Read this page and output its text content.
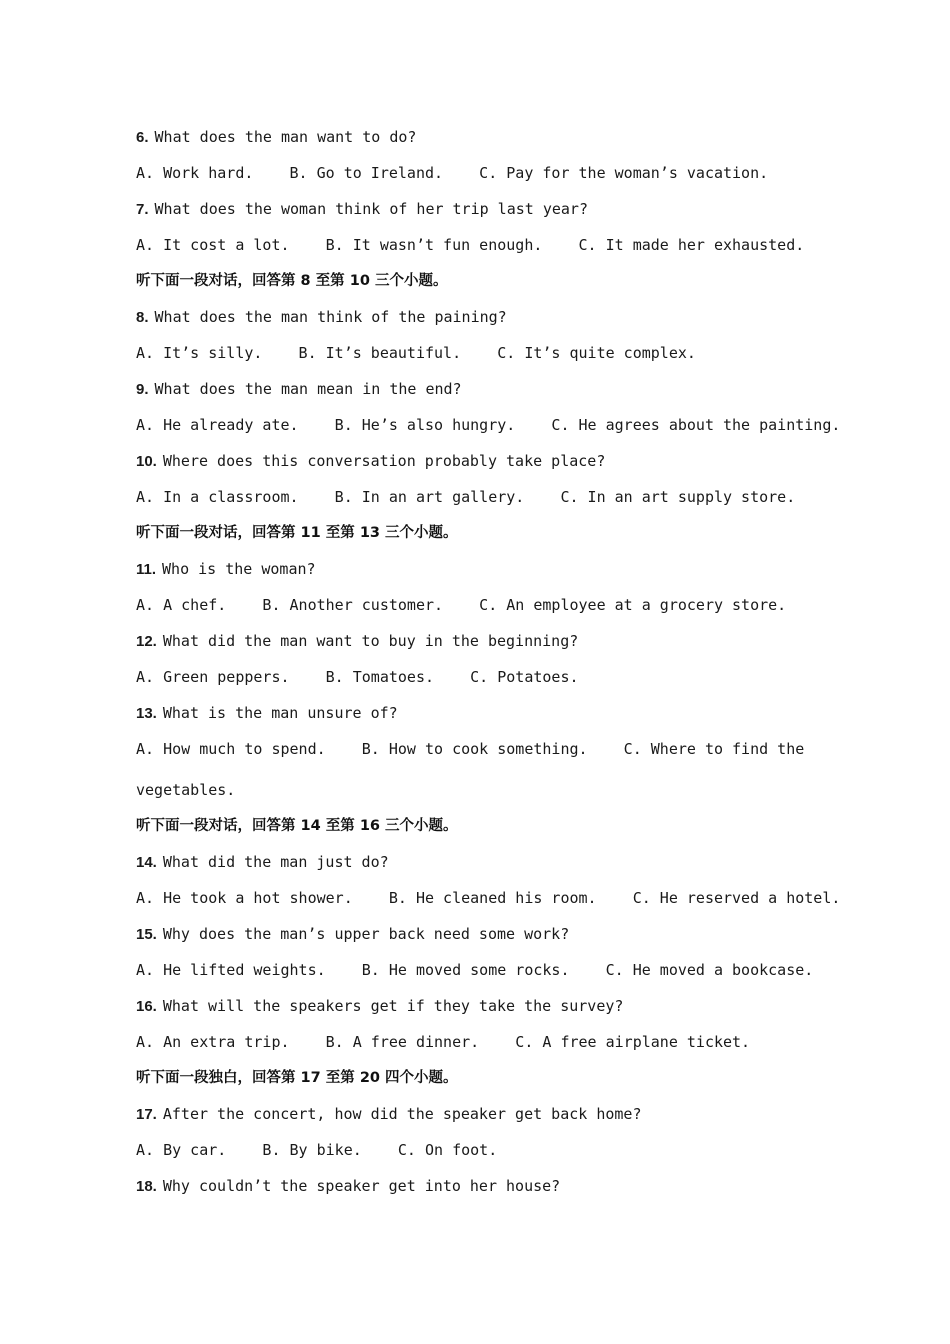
6. What does the man want to do?
A. Work hard.    B. Go to Ireland.    C. Pay for the woman’s vacation.
7. What does the woman think of her trip last year?
A. It cost a lot.    B. It wasn’t fun enough.    C. It made her exhausted.
听下面一段对话，回答第 8 至第 10 三个小题。
8. What does the man think of the paining?
A. It’s silly.    B. It’s beautiful.    C. It’s quite complex.
9. What does the man mean in the end?
A. He already ate.    B. He’s also hungry.    C. He agrees about the painting.
10. Where does this conversation probably take place?
A. In a classroom.    B. In an art gallery.    C. In an art supply store.
听下面一段对话，回答第 11 至第 13 三个小题。
11. Who is the woman?
A. A chef.    B. Another customer.    C. An employee at a grocery store.
12. What did the man want to buy in the beginning?
A. Green peppers.    B. Tomatoes.    C. Potatoes.
13. What is the man unsure of?
A. How much to spend.    B. How to cook something.    C. Where to find the
vegetables.
听下面一段对话，回答第 14 至第 16 三个小题。
14. What did the man just do?
A. He took a hot shower.    B. He cleaned his room.    C. He reserved a hotel.
15. Why does the man’s upper back need some work?
A. He lifted weights.    B. He moved some rocks.    C. He moved a bookcase.
16. What will the speakers get if they take the survey?
A. An extra trip.    B. A free dinner.    C. A free airplane ticket.
听下面一段独白，回答第 17 至第 20 四个小题。
17. After the concert, how did the speaker get back home?
A. By car.    B. By bike.    C. On foot.
18. Why couldn’t the speaker get into her house?
